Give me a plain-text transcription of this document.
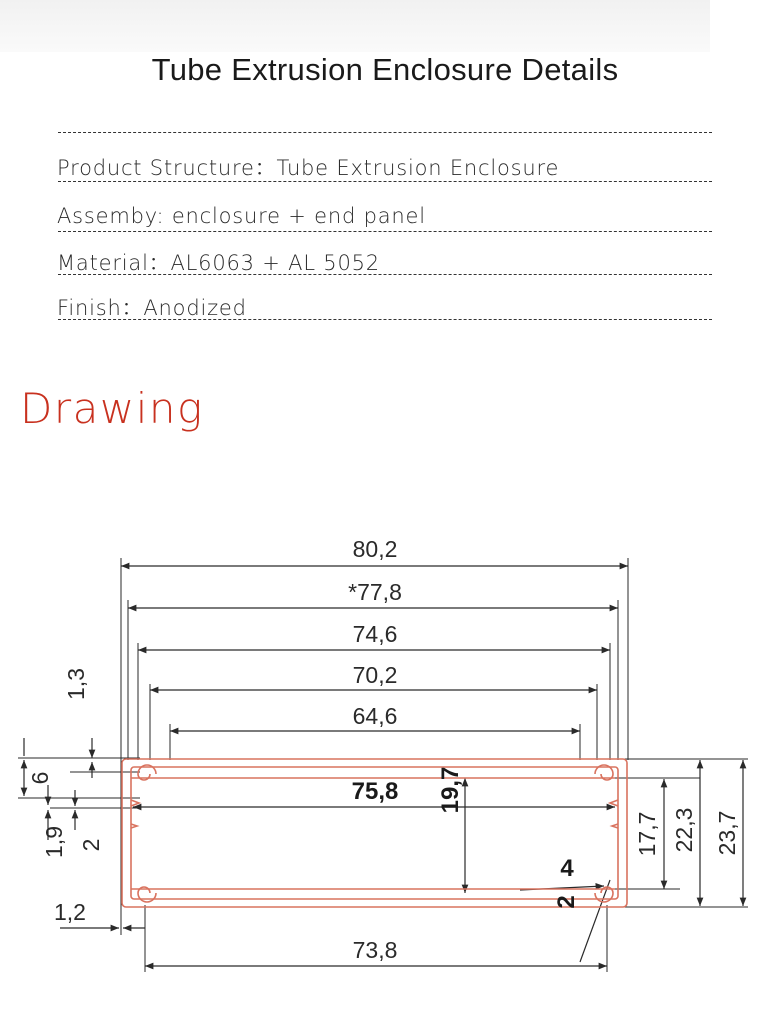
Tube Extrusion Enclosure Details
Product Structure：Tube Extrusion Enclosure
Assemby: enclosure + end panel
Material：AL6063 + AL 5052
Finish：Anodized
Drawing
80,2
*77,8
74,6
70,2
64,6
75,8
73,8
19,7
17,7 22,3 23,7
1,3
6
1,9 2
1,2
4
2
